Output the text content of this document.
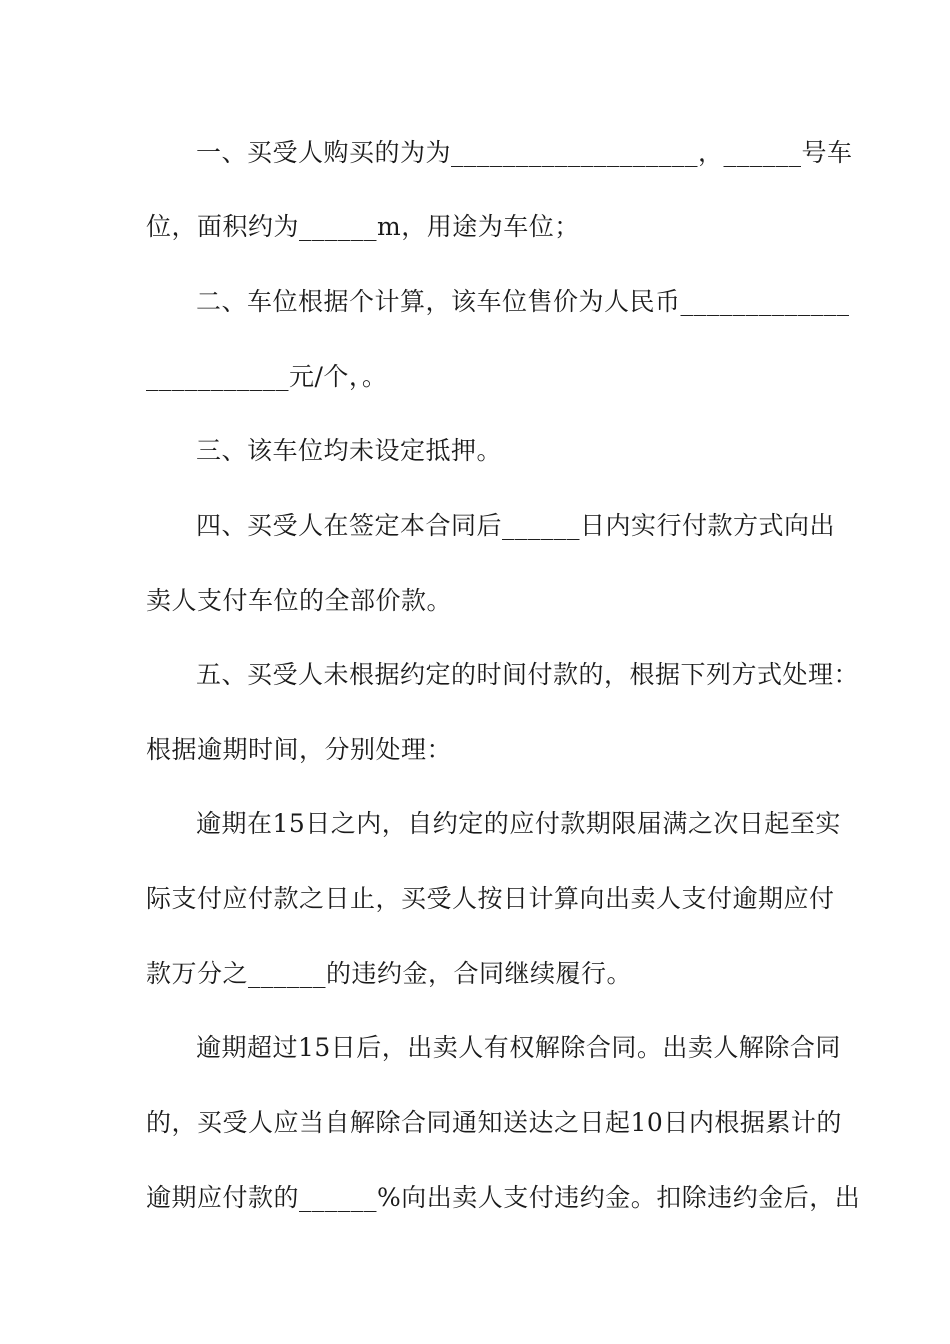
一、买受人购买的为为___________________，______号车
位，面积约为______m，用途为车位；
二、车位根据个计算，该车位售价为人民币_____________
___________元/个，。
三、该车位均未设定抵押。
四、买受人在签定本合同后______日内实行付款方式向出
卖人支付车位的全部价款。
五、买受人未根据约定的时间付款的，根据下列方式处理：
根据逾期时间，分别处理：
逾期在15日之内，自约定的应付款期限届满之次日起至实
际支付应付款之日止，买受人按日计算向出卖人支付逾期应付
款万分之______的违约金，合同继续履行。
逾期超过15日后，出卖人有权解除合同。出卖人解除合同
的，买受人应当自解除合同通知送达之日起10日内根据累计的
逾期应付款的______%向出卖人支付违约金。扣除违约金后，出
